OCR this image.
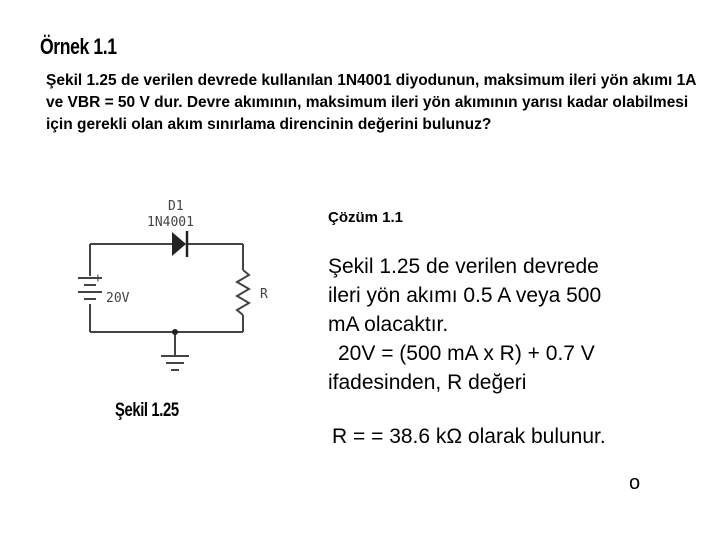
Örnek 1.1
Şekil 1.25 de verilen devrede kullanılan 1N4001 diyodunun, maksimum ileri yön akımı 1A ve VBR = 50 V dur. Devre akımının, maksimum ileri yön akımının yarısı kadar olabilmesi için gerekli olan akım sınırlama direncinin değerini bulunuz?
D1
1N4001
+
20V	R
Şekil 1.25
Çözüm 1.1
Şekil 1.25 de verilen devrede
ileri yön akımı 0.5 A veya 500
mA olacaktır.
20V = (500 mA x R) + 0.7 V
ifadesinden, R değeri
R = = 38.6 kΩ olarak bulunur.
o
